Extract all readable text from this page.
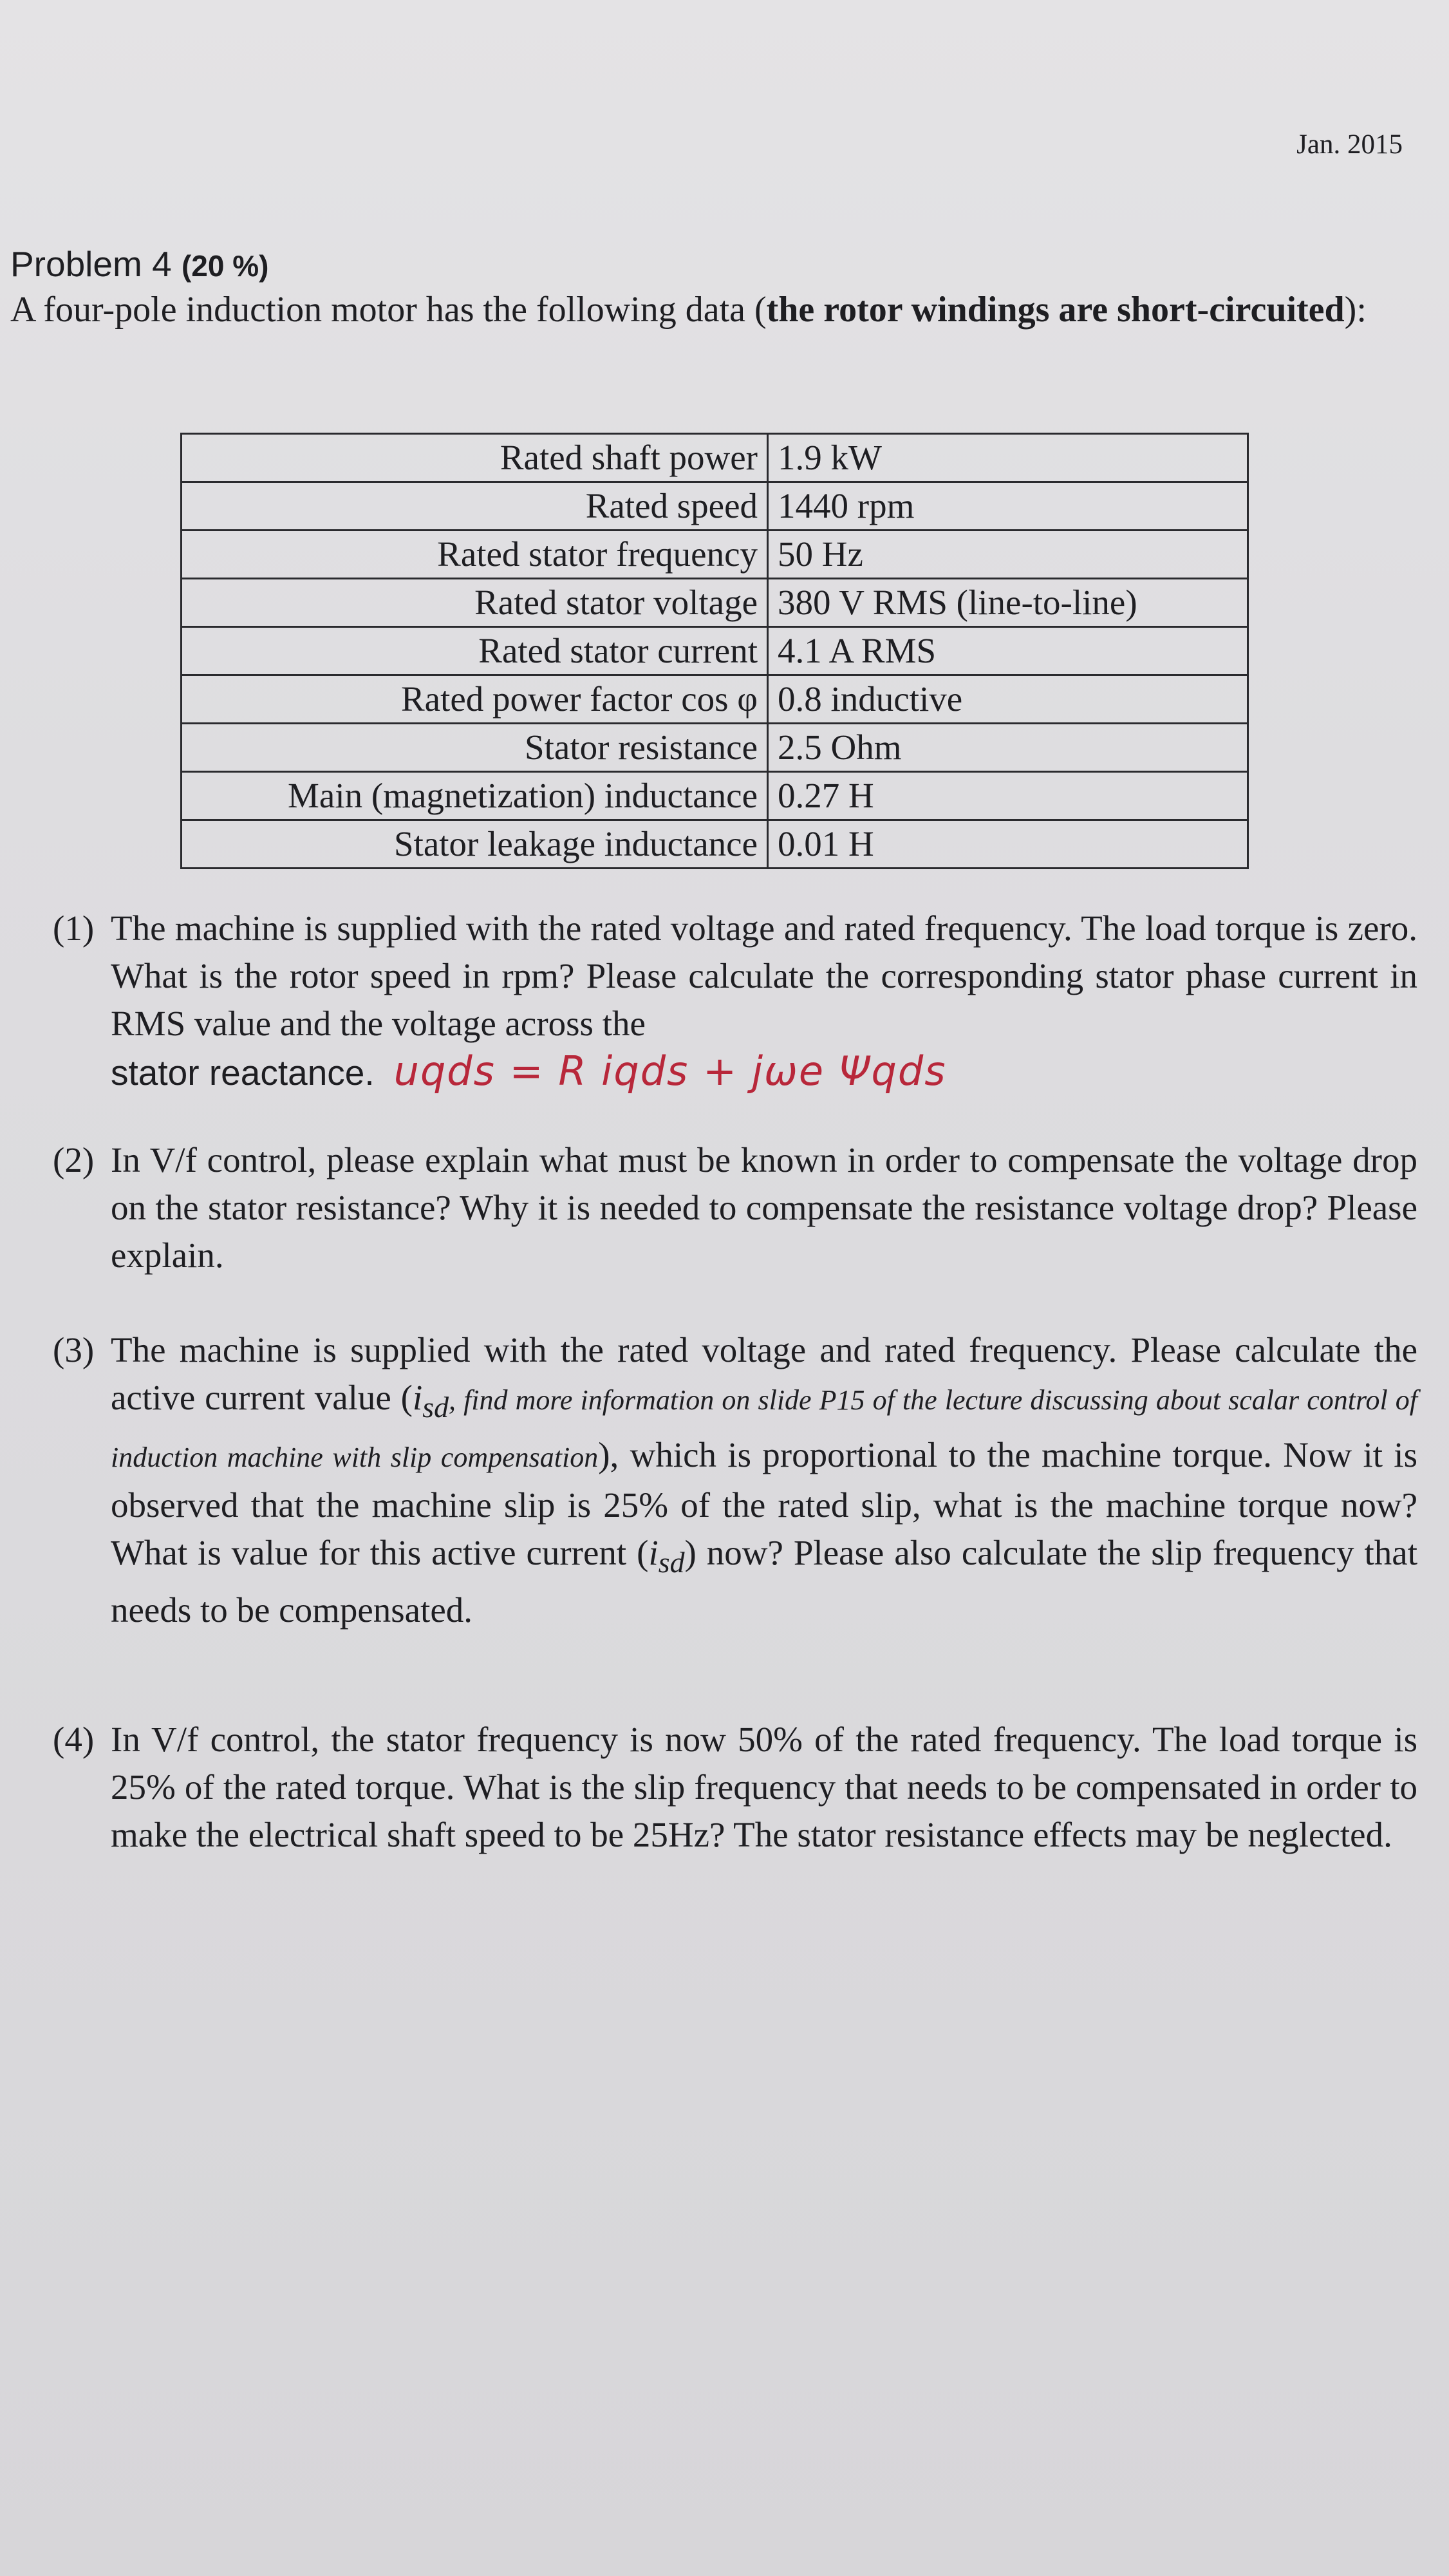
Jan. 2015
Problem 4 (20 %)
A four-pole induction motor has the following data (the rotor windings are short-circuited):
Rated shaft power	1.9 kW
Rated speed	1440 rpm
Rated stator frequency	50 Hz
Rated stator voltage	380 V RMS (line-to-line)
Rated stator current	4.1 A RMS
Rated power factor cos φ	0.8 inductive
Stator resistance	2.5 Ohm
Main (magnetization) inductance	0.27 H
Stator leakage inductance	0.01 H
(1) The machine is supplied with the rated voltage and rated frequency. The load torque is zero. What is the rotor speed in rpm? Please calculate the corresponding stator phase current in RMS value and the voltage across the
stator reactance. uqds = R iqds + jωe Ψqds
(2) In V/f control, please explain what must be known in order to compensate the voltage drop on the stator resistance? Why it is needed to compensate the resistance voltage drop? Please explain.
(3) The machine is supplied with the rated voltage and rated frequency. Please calculate the active current value ($i_{sd}$, find more information on slide P15 of the lecture discussing about scalar control of induction machine with slip compensation), which is proportional to the machine torque. Now it is observed that the machine slip is 25% of the rated slip, what is the machine torque now? What is value for this active current $(i_{sd})$ now? Please also calculate the slip frequency that needs to be compensated.
(4) In V/f control, the stator frequency is now 50% of the rated frequency. The load torque is 25% of the rated torque. What is the slip frequency that needs to be compensated in order to make the electrical shaft speed to be 25Hz? The stator resistance effects may be neglected.
